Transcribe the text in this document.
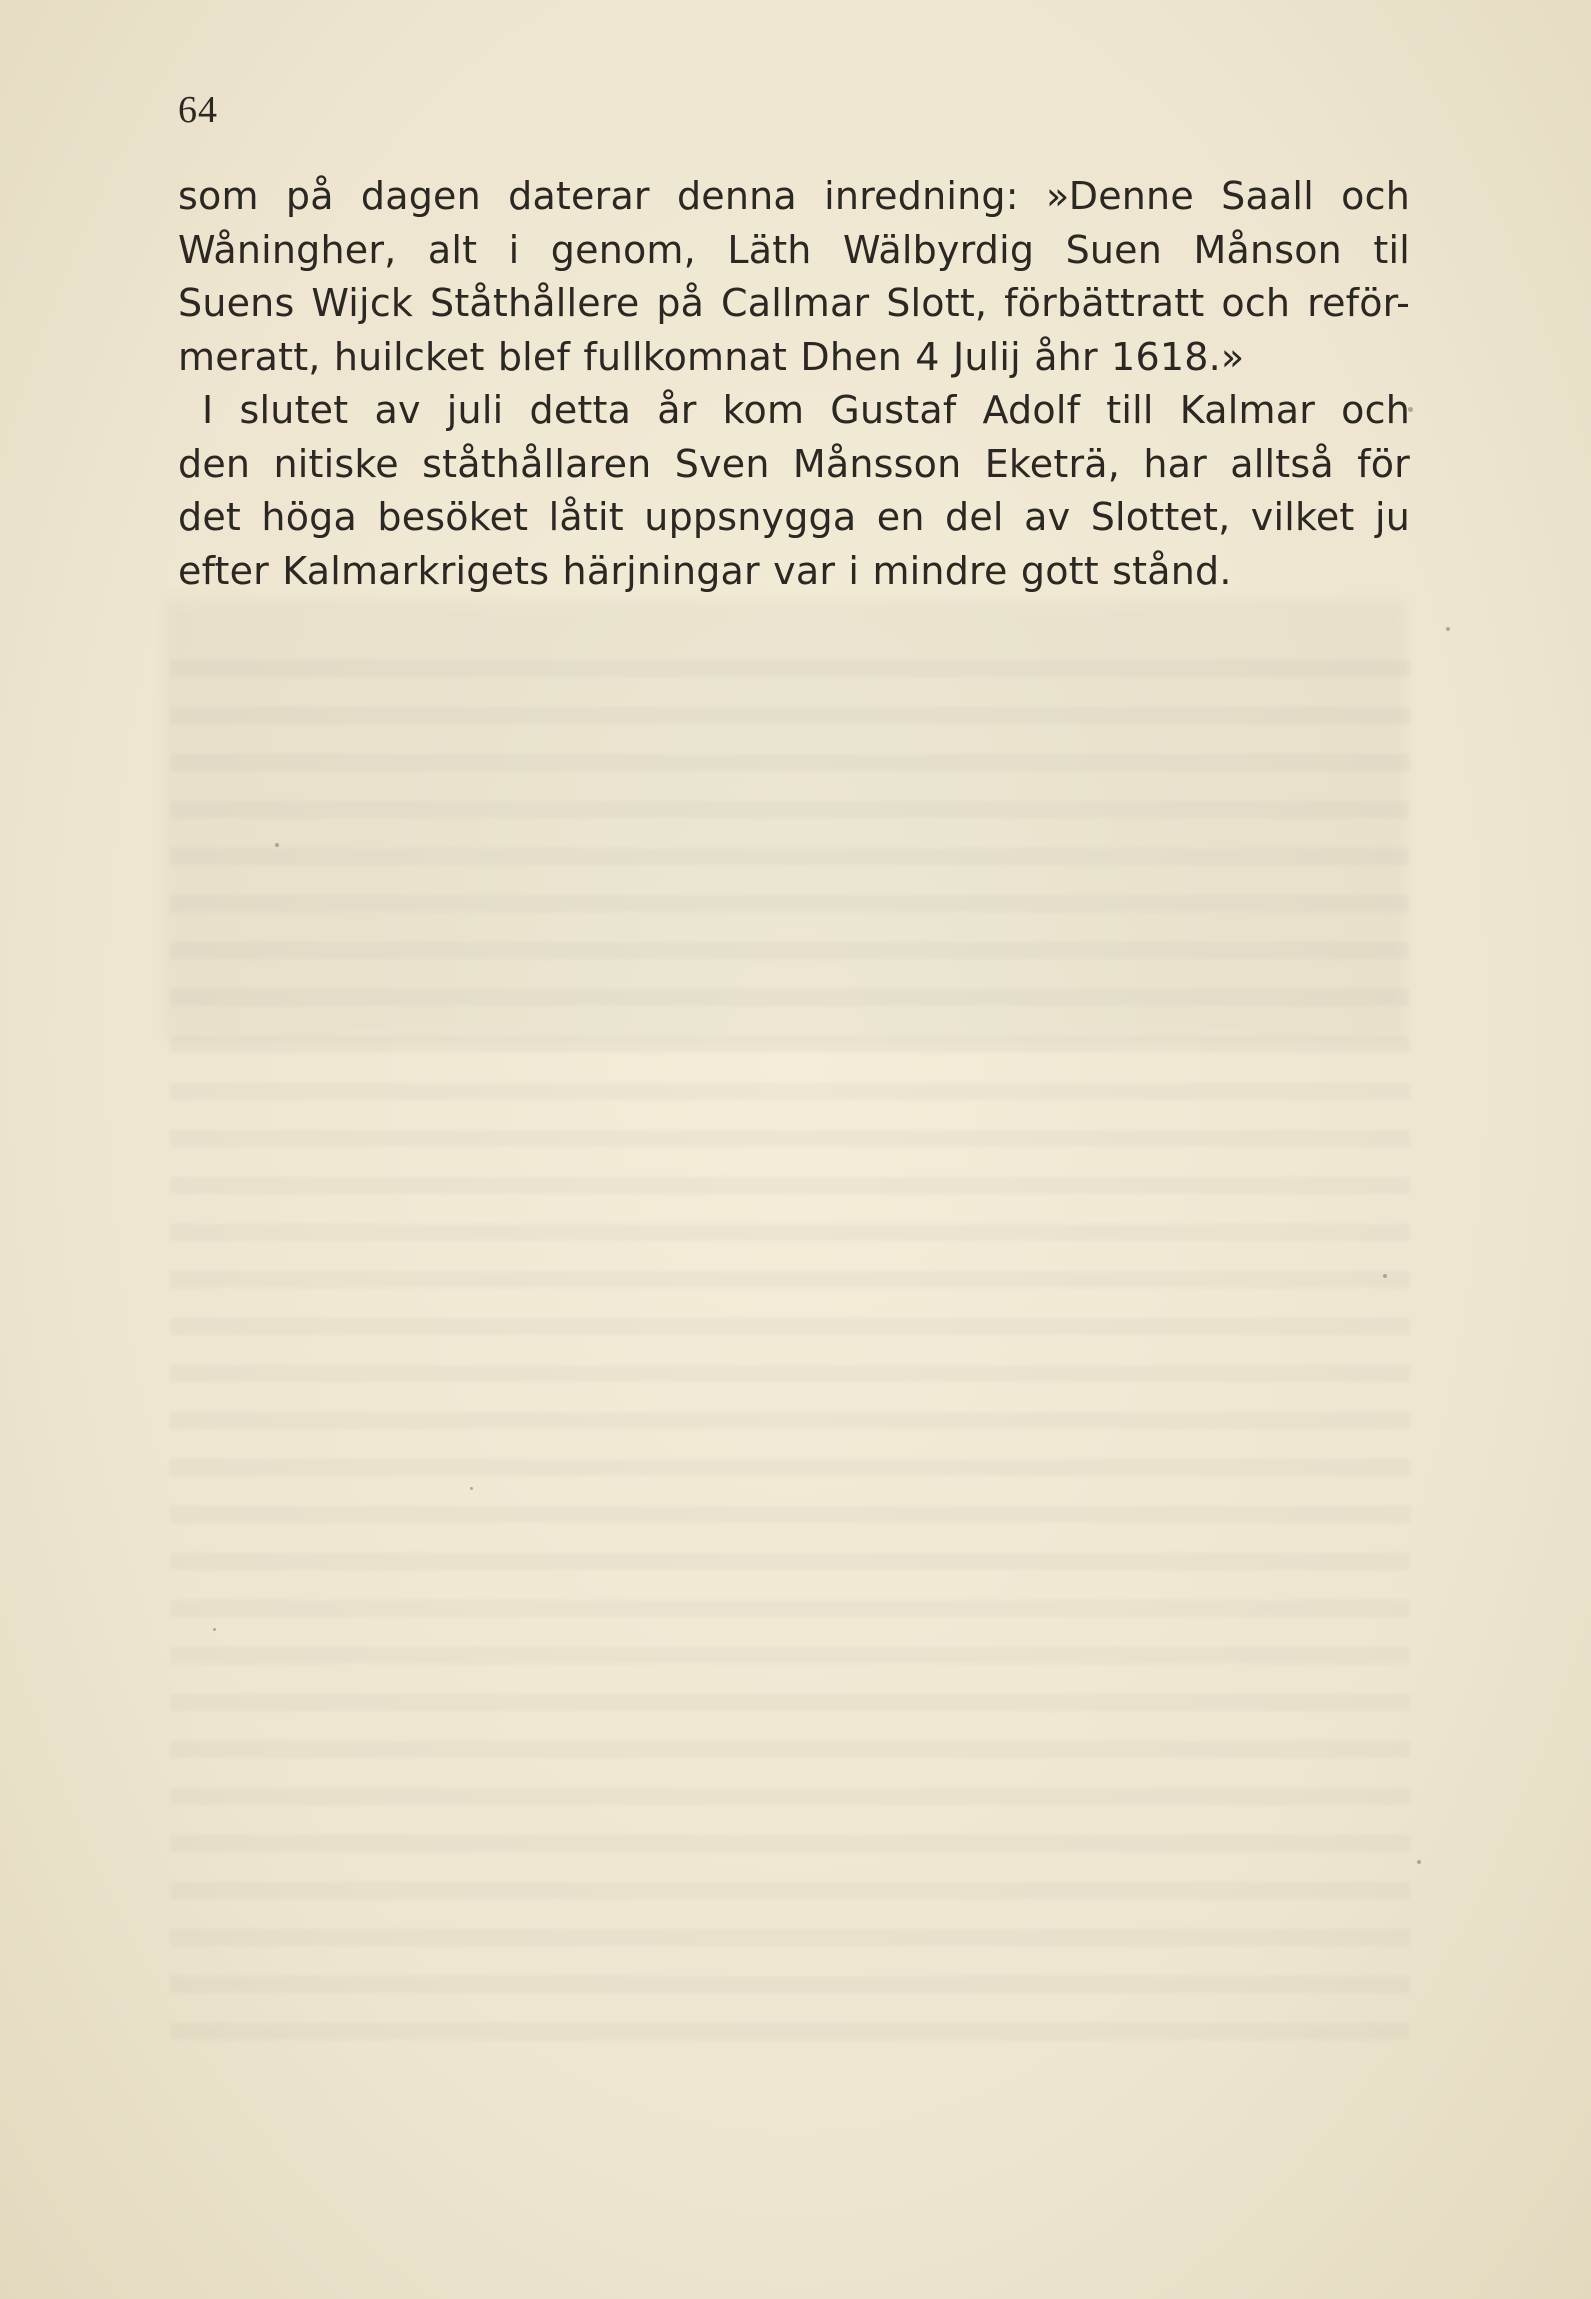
64
som på dagen daterar denna inredning: »Denne Saall och
Wåningher, alt i genom, Läth Wälbyrdig Suen Månson til
Suens Wijck Ståthållere på Callmar Slott, förbättratt och reför-
meratt, huilcket blef fullkomnat Dhen 4 Julij åhr 1618.»
I slutet av juli detta år kom Gustaf Adolf till Kalmar och
den nitiske ståthållaren Sven Månsson Eketrä, har alltså för
det höga besöket låtit uppsnygga en del av Slottet, vilket ju
efter Kalmarkrigets härjningar var i mindre gott stånd.
